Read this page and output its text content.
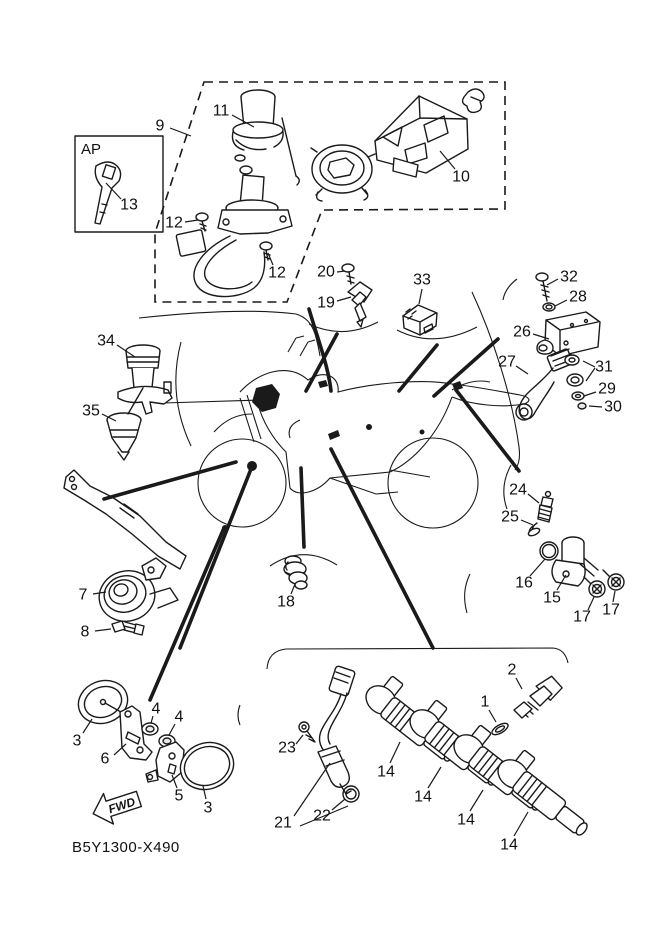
AP
FWD
9
11
13
12
12
10
20
19
33	32
28
26
27	31
29
30
34
35
24
25
16
15
17 17
7
8
18
3
6
4 4
5
3
23
21 22
14
14
14
14
2
1
B5Y1300-X490
